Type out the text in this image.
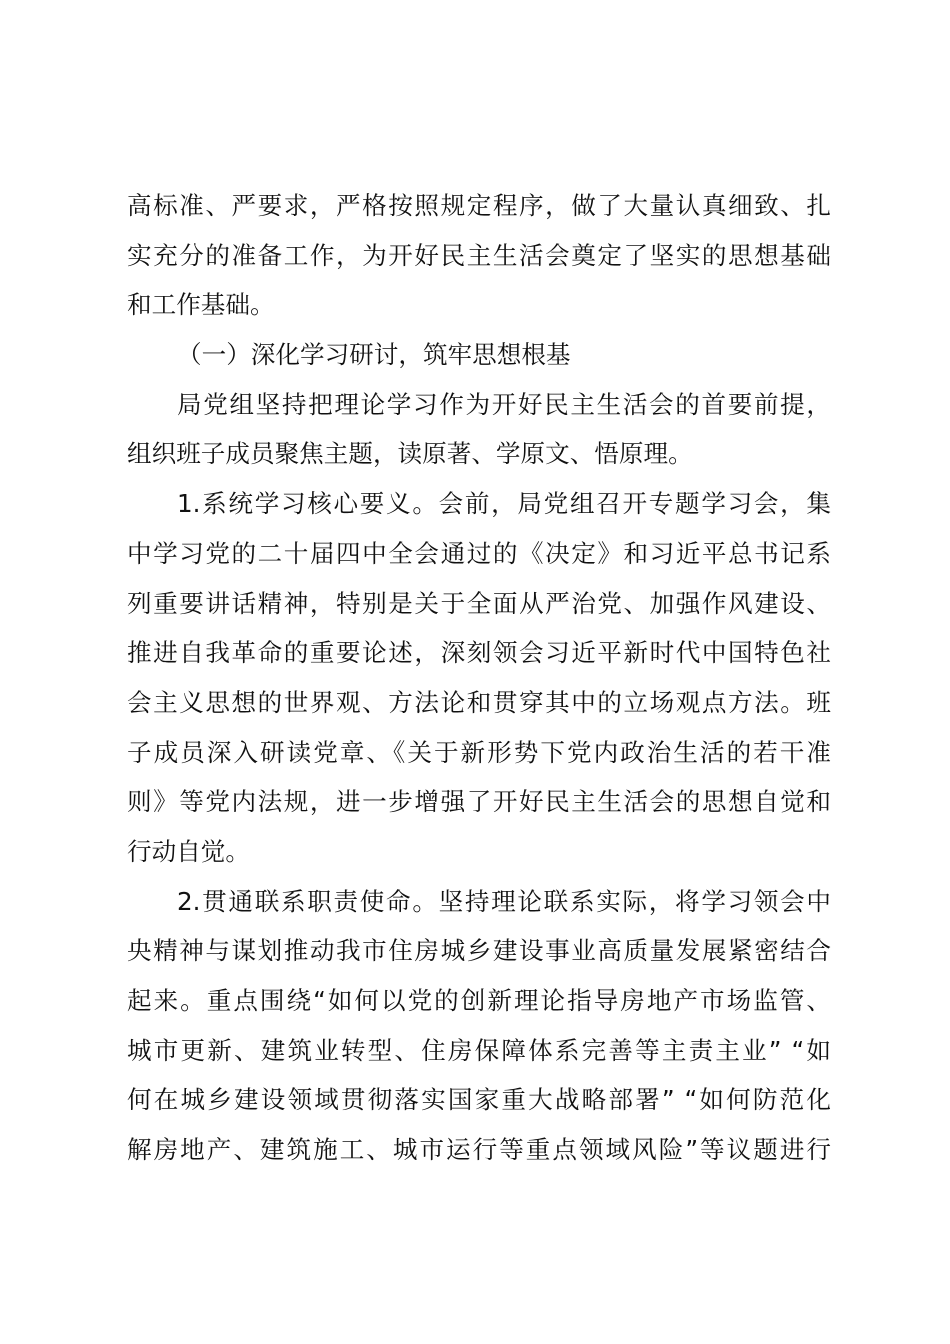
高标准、严要求，严格按照规定程序，做了大量认真细致、扎
实充分的准备工作，为开好民主生活会奠定了坚实的思想基础
和工作基础。
（一）深化学习研讨，筑牢思想根基
局党组坚持把理论学习作为开好民主生活会的首要前提，
组织班子成员聚焦主题，读原著、学原文、悟原理。
1.系统学习核心要义。会前，局党组召开专题学习会，集
中学习党的二十届四中全会通过的《决定》和习近平总书记系
列重要讲话精神，特别是关于全面从严治党、加强作风建设、
推进自我革命的重要论述，深刻领会习近平新时代中国特色社
会主义思想的世界观、方法论和贯穿其中的立场观点方法。班
子成员深入研读党章、《关于新形势下党内政治生活的若干准
则》等党内法规，进一步增强了开好民主生活会的思想自觉和
行动自觉。
2.贯通联系职责使命。坚持理论联系实际，将学习领会中
央精神与谋划推动我市住房城乡建设事业高质量发展紧密结合
起来。重点围绕“如何以党的创新理论指导房地产市场监管、
城市更新、建筑业转型、住房保障体系完善等主责主业” “如
何在城乡建设领域贯彻落实国家重大战略部署” “如何防范化
解房地产、建筑施工、城市运行等重点领域风险”等议题进行
